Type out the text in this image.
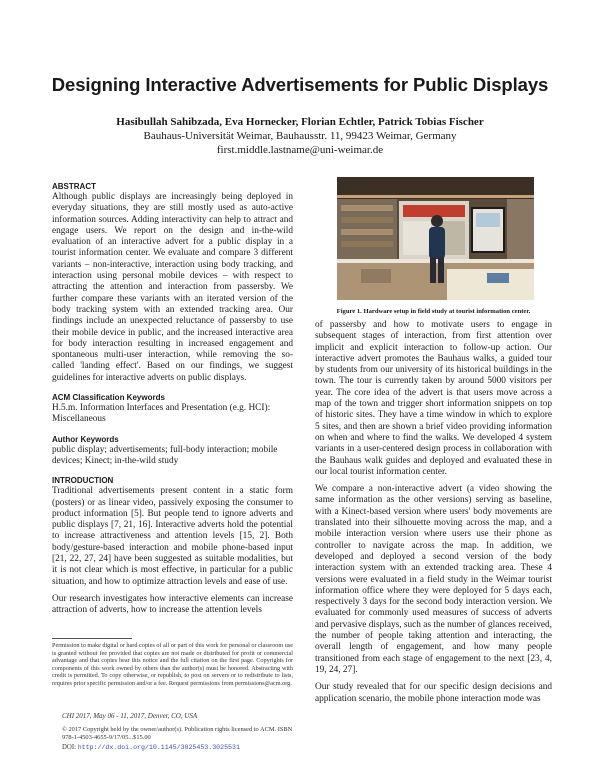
Designing Interactive Advertisements for Public Displays
Hasibullah Sahibzada, Eva Hornecker, Florian Echtler, Patrick Tobias Fischer
Bauhaus-Universität Weimar, Bauhausstr. 11, 99423 Weimar, Germany
first.middle.lastname@uni-weimar.de
ABSTRACT

Although public displays are increasingly being deployed in everyday situations, they are still mostly used as auto-active information sources. Adding interactivity can help to attract and engage users. We report on the design and in-the-wild evaluation of an interactive advert for a public display in a tourist information center. We evaluate and compare 3 different variants – non-interactive, interaction using body tracking, and interaction using personal mobile devices – with respect to attracting the attention and interaction from passersby. We further compare these variants with an iterated version of the body tracking system with an extended tracking area. Our findings include an unexpected reluctance of passersby to use their mobile device in public, and the increased interactive area for body interaction resulting in increased engagement and spontaneous multi-user interaction, while removing the so-called 'landing effect'. Based on our findings, we suggest guidelines for interactive adverts on public displays.

ACM Classification Keywords

H.5.m. Information Interfaces and Presentation (e.g. HCI): Miscellaneous

Author Keywords

public display; advertisements; full-body interaction; mobile devices; Kinect; in-the-wild study

INTRODUCTION

Traditional advertisements present content in a static form (posters) or as linear video, passively exposing the consumer to product information [5]. But people tend to ignore adverts and public displays [7, 21, 16]. Interactive adverts hold the potential to increase attractiveness and attention levels [15, 2]. Both body/gesture-based interaction and mobile phone-based input [21, 22, 27, 24] have been suggested as suitable modalities, but it is not clear which is most effective, in particular for a public situation, and how to optimize attraction levels and ease of use.

Our research investigates how interactive elements can increase attraction of adverts, how to increase the attention levels

Permission to make digital or hard copies of all or part of this work for personal or classroom use is granted without fee provided that copies are not made or distributed for profit or commercial advantage and that copies bear this notice and the full citation on the first page. Copyrights for components of this work owned by others than the author(s) must be honored. Abstracting with credit is permitted. To copy otherwise, or republish, to post on servers or to redistribute to lists, requires prior specific permission and/or a fee. Request permissions from permissions@acm.org.
CHI 2017, May 06 - 11, 2017, Denver, CO, USA
© 2017 Copyright held by the owner/author(s). Publication rights licensed to ACM. ISBN 978-1-4503-4655-9/17/05...$15.00
DOI: http://dx.doi.org/10.1145/3025453.3025531
Figure 1. Hardware setup in field study at tourist information center.

of passersby and how to motivate users to engage in subsequent stages of interaction, from first attention over implicit and explicit interaction to follow-up action. Our interactive advert promotes the Bauhaus walks, a guided tour by students from our university of its historical buildings in the town. The tour is currently taken by around 5000 visitors per year. The core idea of the advert is that users move across a map of the town and trigger short information snippets on top of historic sites. They have a time window in which to explore 5 sites, and then are shown a brief video providing information on when and where to find the walks. We developed 4 system variants in a user-centered design process in collaboration with the Bauhaus walk guides and deployed and evaluated these in our local tourist information center.

We compare a non-interactive advert (a video showing the same information as the other versions) serving as baseline, with a Kinect-based version where users' body movements are translated into their silhouette moving across the map, and a mobile interaction version where users use their phone as controller to navigate across the map. In addition, we developed and deployed a second version of the body interaction system with an extended tracking area. These 4 versions were evaluated in a field study in the Weimar tourist information office where they were deployed for 5 days each, respectively 3 days for the second body interaction version. We evaluated for commonly used measures of success of adverts and pervasive displays, such as the number of glances received, the number of people taking attention and interacting, the overall length of engagement, and how many people transitioned from each stage of engagement to the next [23, 4, 19, 24, 27].

Our study revealed that for our specific design decisions and application scenario, the mobile phone interaction mode was
